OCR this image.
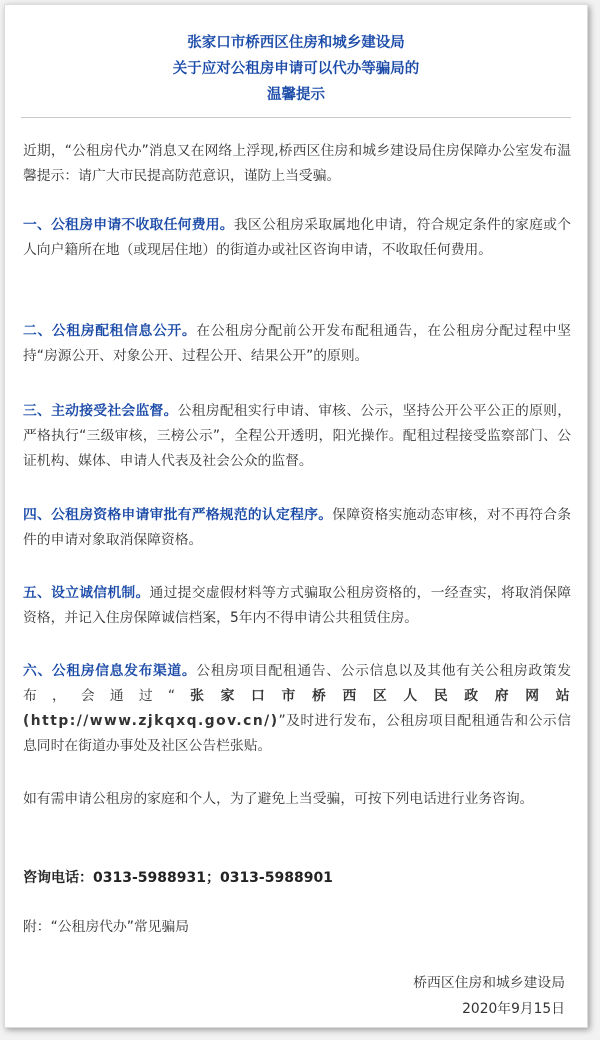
张家口市桥西区住房和城乡建设局
关于应对公租房申请可以代办等骗局的
温馨提示

近期，“公租房代办”消息又在网络上浮现,桥西区住房和城乡建设局住房保障办公室发布温馨提示：请广大市民提高防范意识，谨防上当受骗。

一、公租房申请不收取任何费用。我区公租房采取属地化申请，符合规定条件的家庭或个人向户籍所在地（或现居住地）的街道办或社区咨询申请，不收取任何费用。

二、公租房配租信息公开。在公租房分配前公开发布配租通告，在公租房分配过程中坚持“房源公开、对象公开、过程公开、结果公开”的原则。

三、主动接受社会监督。公租房配租实行申请、审核、公示，坚持公开公平公正的原则，严格执行“三级审核，三榜公示”，全程公开透明，阳光操作。配租过程接受监察部门、公证机构、媒体、申请人代表及社会公众的监督。

四、公租房资格申请审批有严格规范的认定程序。保障资格实施动态审核，对不再符合条件的申请对象取消保障资格。

五、设立诚信机制。通过提交虚假材料等方式骗取公租房资格的，一经查实，将取消保障资格，并记入住房保障诚信档案，5年内不得申请公共租赁住房。

六、公租房信息发布渠道。公租房项目配租通告、公示信息以及其他有关公租房政策发布，会通过“张家口市桥西区人民政府网站(http://www.zjkqxq.gov.cn/)”及时进行发布，公租房项目配租通告和公示信息同时在街道办事处及社区公告栏张贴。

如有需申请公租房的家庭和个人，为了避免上当受骗，可按下列电话进行业务咨询。

咨询电话：0313-5988931；0313-5988901

附：“公租房代办”常见骗局

桥西区住房和城乡建设局
2020年9月15日
